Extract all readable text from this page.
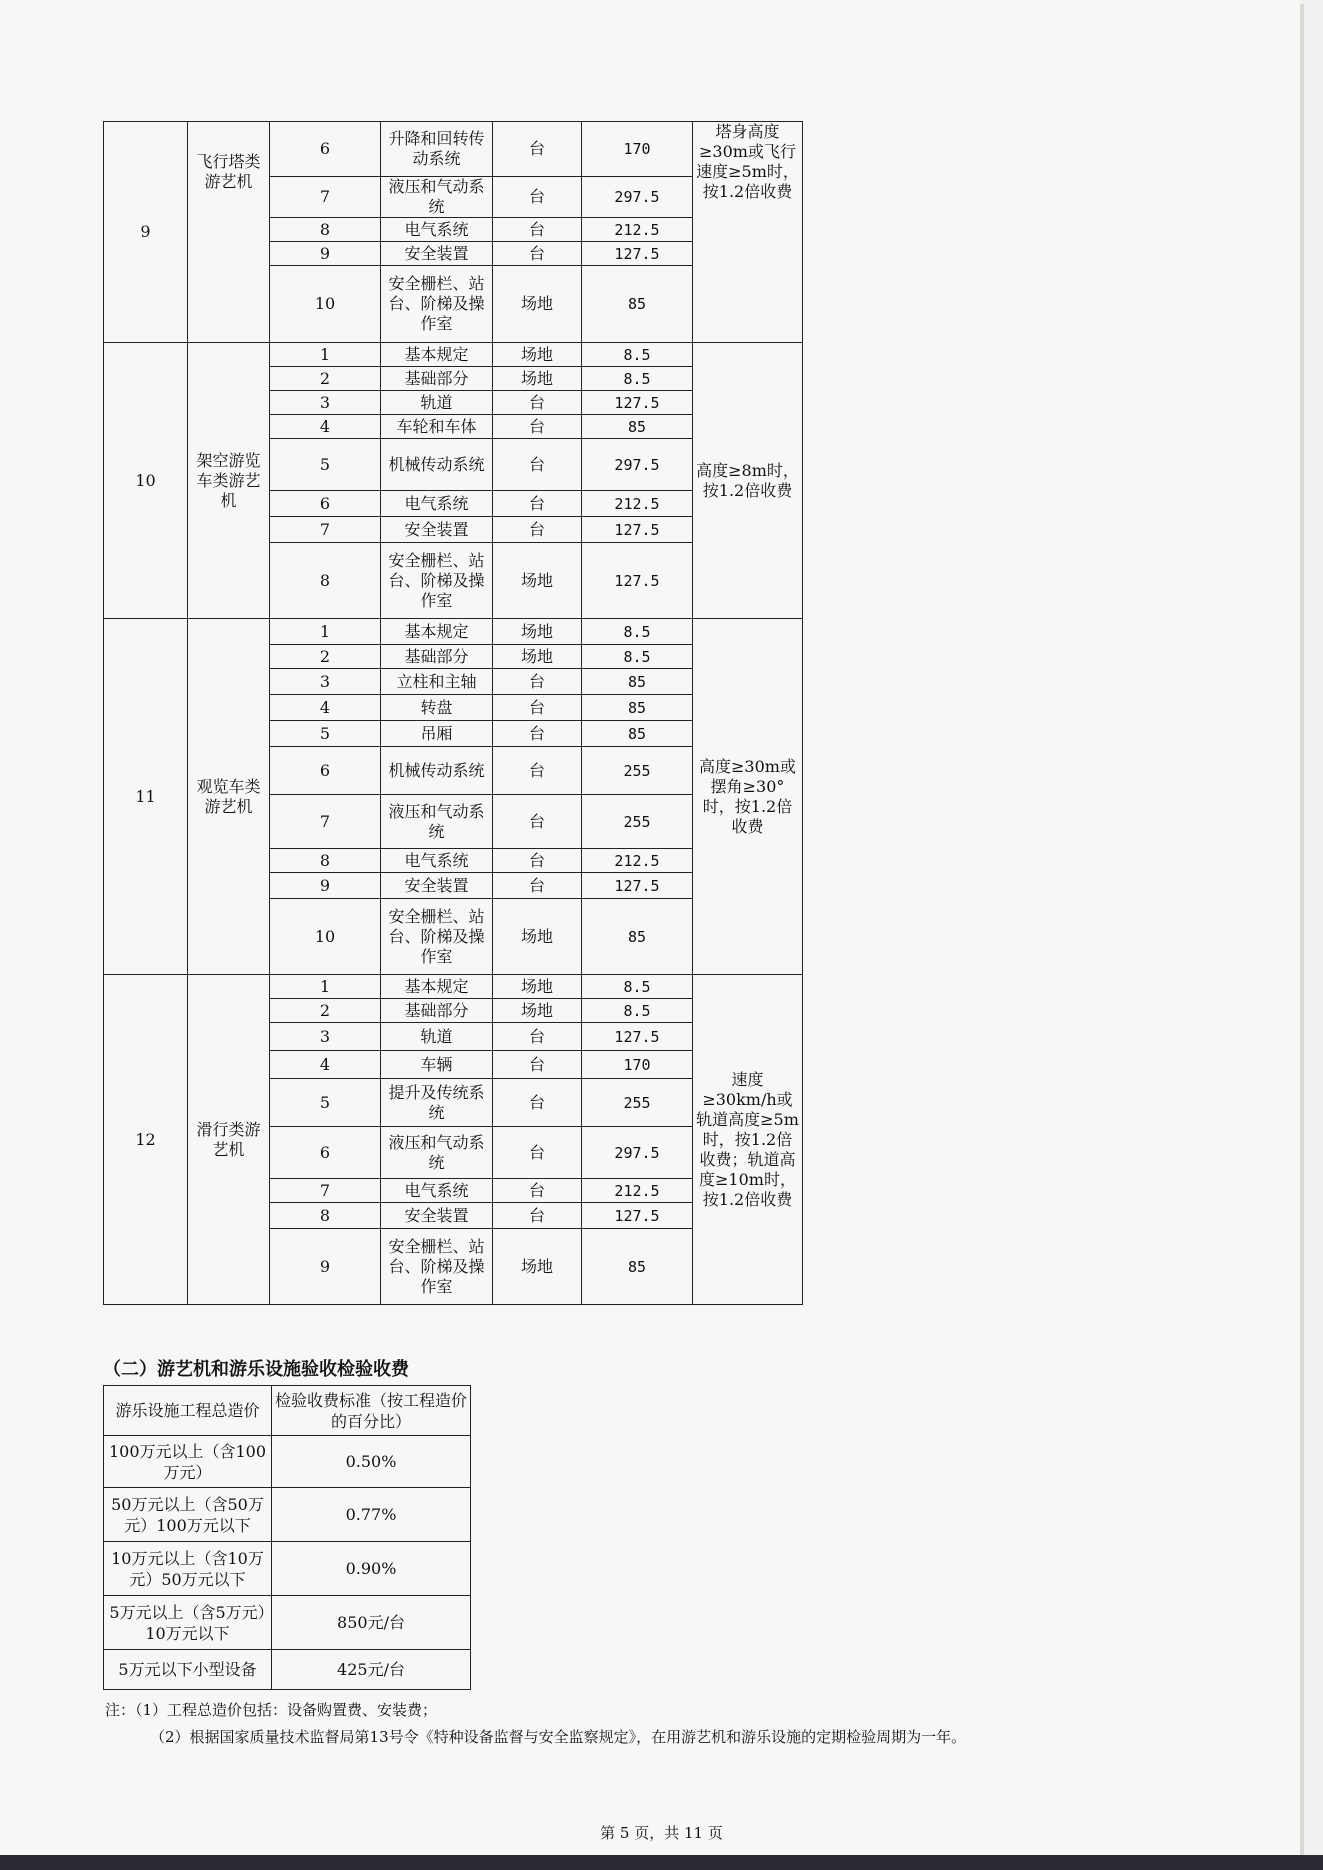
9	飞行塔类游艺机	6	升降和回转传动系统	台	170	塔身高度≥30m或飞行速度≥5m时，按1.2倍收费
		7	液压和气动系统	台	297.5	
		8	电气系统	台	212.5	
		9	安全装置	台	127.5	
		10	安全栅栏、站台、阶梯及操作室	场地	85	
10	架空游览车类游艺机	1	基本规定	场地	8.5	高度≥8m时，按1.2倍收费
		2	基础部分	场地	8.5	
		3	轨道	台	127.5	
		4	车轮和车体	台	85	
		5	机械传动系统	台	297.5	
		6	电气系统	台	212.5	
		7	安全装置	台	127.5	
		8	安全栅栏、站台、阶梯及操作室	场地	127.5	
11	观览车类游艺机	1	基本规定	场地	8.5	高度≥30m或摆角≥30°时，按1.2倍收费
		2	基础部分	场地	8.5	
		3	立柱和主轴	台	85	
		4	转盘	台	85	
		5	吊厢	台	85	
		6	机械传动系统	台	255	
		7	液压和气动系统	台	255	
		8	电气系统	台	212.5	
		9	安全装置	台	127.5	
		10	安全栅栏、站台、阶梯及操作室	场地	85	
12	滑行类游艺机	1	基本规定	场地	8.5	速度≥30km/h或轨道高度≥5m时，按1.2倍收费；轨道高度≥10m时，按1.2倍收费
		2	基础部分	场地	8.5	
		3	轨道	台	127.5	
		4	车辆	台	170	
		5	提升及传统系统	台	255	
		6	液压和气动系统	台	297.5	
		7	电气系统	台	212.5	
		8	安全装置	台	127.5	
		9	安全栅栏、站台、阶梯及操作室	场地	85	
（二）游艺机和游乐设施验收检验收费
游乐设施工程总造价	检验收费标准（按工程造价的百分比）
100万元以上（含100万元）	0.50%
50万元以上（含50万元）100万元以下	0.77%
10万元以上（含10万元）50万元以下	0.90%
5万元以上（含5万元）10万元以下	850元/台
5万元以下小型设备	425元/台
注：（1）工程总造价包括：设备购置费、安装费；
（2）根据国家质量技术监督局第13号令《特种设备监督与安全监察规定》，在用游艺机和游乐设施的定期检验周期为一年。
第 5 页，共 11 页
